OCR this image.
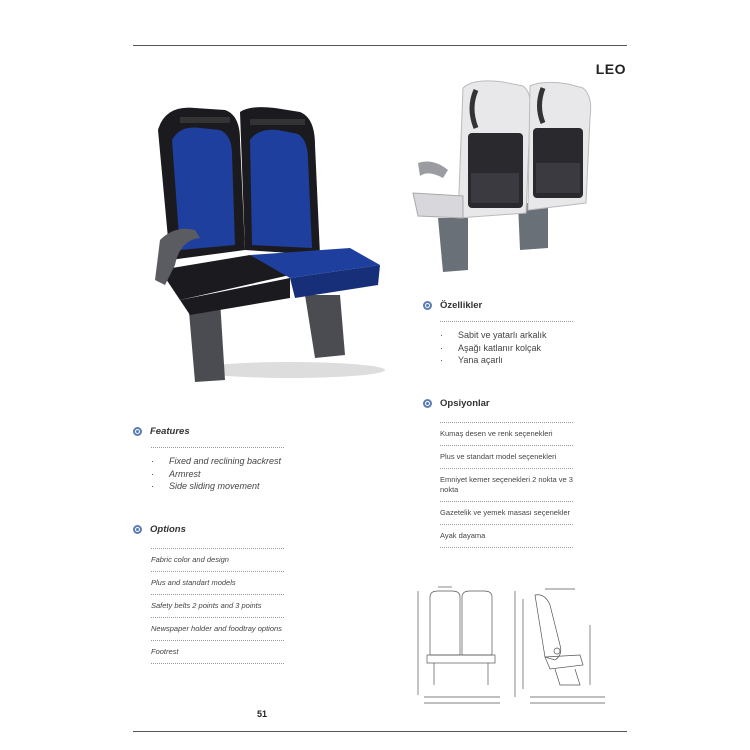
LEO
Özellikler
·	Sabit ve yatarlı arkalık
·	Aşağı katlanır kolçak
·	Yana açarlı
Opsiyonlar
Kumaş desen ve renk seçenekleri
Plus ve standart model seçenekleri
Emniyet kemer seçenekleri 2 nokta ve 3 nokta
Gazetelik ve yemek masası seçenekler
Ayak dayama
Features
·	Fixed and reclining backrest
·	Armrest
·	Side sliding movement
Options
Fabric color and design
Plus and standart models
Safety belts 2 points and 3 points
Newspaper holder and foodtray options
Footrest
51
